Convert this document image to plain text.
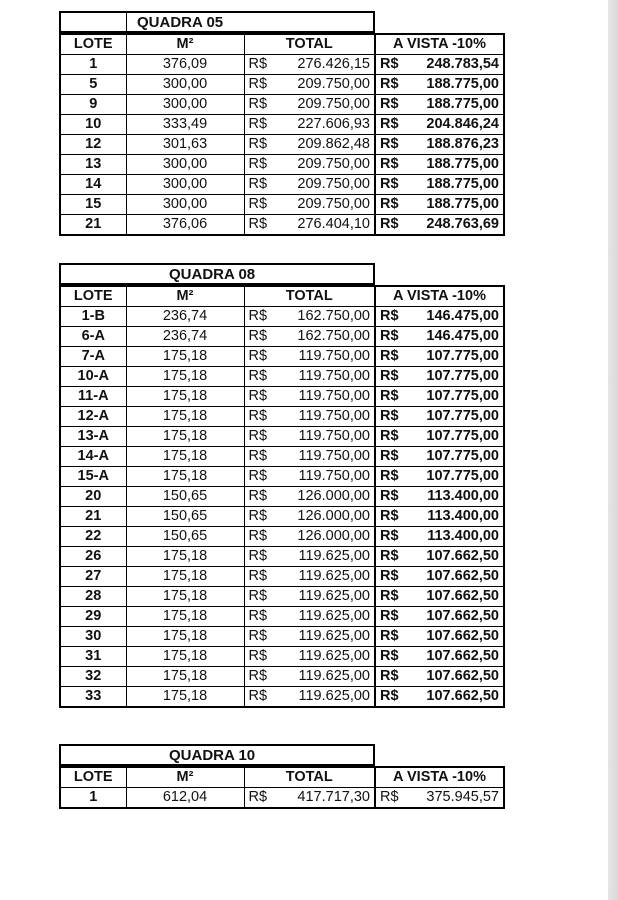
QUADRA 05
LOTE	M²	TOTAL	A VISTA -10%
1	376,09	R$ 276.426,15	R$ 248.783,54
5	300,00	R$ 209.750,00	R$ 188.775,00
9	300,00	R$ 209.750,00	R$ 188.775,00
10	333,49	R$ 227.606,93	R$ 204.846,24
12	301,63	R$ 209.862,48	R$ 188.876,23
13	300,00	R$ 209.750,00	R$ 188.775,00
14	300,00	R$ 209.750,00	R$ 188.775,00
15	300,00	R$ 209.750,00	R$ 188.775,00
21	376,06	R$ 276.404,10	R$ 248.763,69
QUADRA 08
LOTE	M²	TOTAL	A VISTA -10%
1-B	236,74	R$ 162.750,00	R$ 146.475,00
6-A	236,74	R$ 162.750,00	R$ 146.475,00
7-A	175,18	R$ 119.750,00	R$ 107.775,00
10-A	175,18	R$ 119.750,00	R$ 107.775,00
11-A	175,18	R$ 119.750,00	R$ 107.775,00
12-A	175,18	R$ 119.750,00	R$ 107.775,00
13-A	175,18	R$ 119.750,00	R$ 107.775,00
14-A	175,18	R$ 119.750,00	R$ 107.775,00
15-A	175,18	R$ 119.750,00	R$ 107.775,00
20	150,65	R$ 126.000,00	R$ 113.400,00
21	150,65	R$ 126.000,00	R$ 113.400,00
22	150,65	R$ 126.000,00	R$ 113.400,00
26	175,18	R$ 119.625,00	R$ 107.662,50
27	175,18	R$ 119.625,00	R$ 107.662,50
28	175,18	R$ 119.625,00	R$ 107.662,50
29	175,18	R$ 119.625,00	R$ 107.662,50
30	175,18	R$ 119.625,00	R$ 107.662,50
31	175,18	R$ 119.625,00	R$ 107.662,50
32	175,18	R$ 119.625,00	R$ 107.662,50
33	175,18	R$ 119.625,00	R$ 107.662,50
QUADRA 10
LOTE	M²	TOTAL	A VISTA -10%
1	612,04	R$ 417.717,30	R$ 375.945,57
